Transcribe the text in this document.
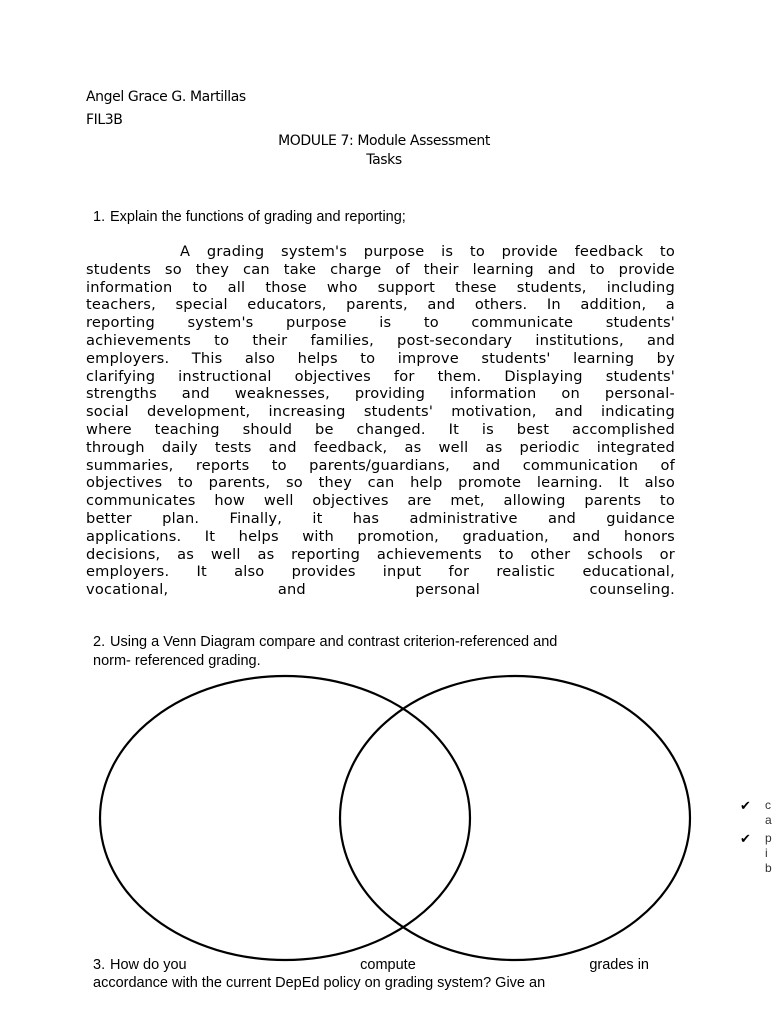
Angel Grace G. Martillas
FIL3B
MODULE 7: Module Assessment
Tasks
1. Explain the functions of grading and reporting;
A grading system's purpose is to provide feedback to
students so they can take charge of their learning and to provide
information to all those who support these students, including
teachers, special educators, parents, and others. In addition, a
reporting system's purpose is to communicate students'
achievements to their families, post-secondary institutions, and
employers. This also helps to improve students' learning by
clarifying instructional objectives for them. Displaying students'
strengths and weaknesses, providing information on personal-
social development, increasing students' motivation, and indicating
where teaching should be changed. It is best accomplished
through daily tests and feedback, as well as periodic integrated
summaries, reports to parents/guardians, and communication of
objectives to parents, so they can help promote learning. It also
communicates how well objectives are met, allowing parents to
better plan. Finally, it has administrative and guidance
applications. It helps with promotion, graduation, and honors
decisions, as well as reporting achievements to other schools or
employers. It also provides input for realistic educational,
vocational, and personal counseling.
2. Using a Venn Diagram compare and contrast criterion-referenced and
norm- referenced grading.
✔ c
a
✔ p
i
b
3. How do you	compute	grades in
accordance with the current DepEd policy on grading system? Give an
